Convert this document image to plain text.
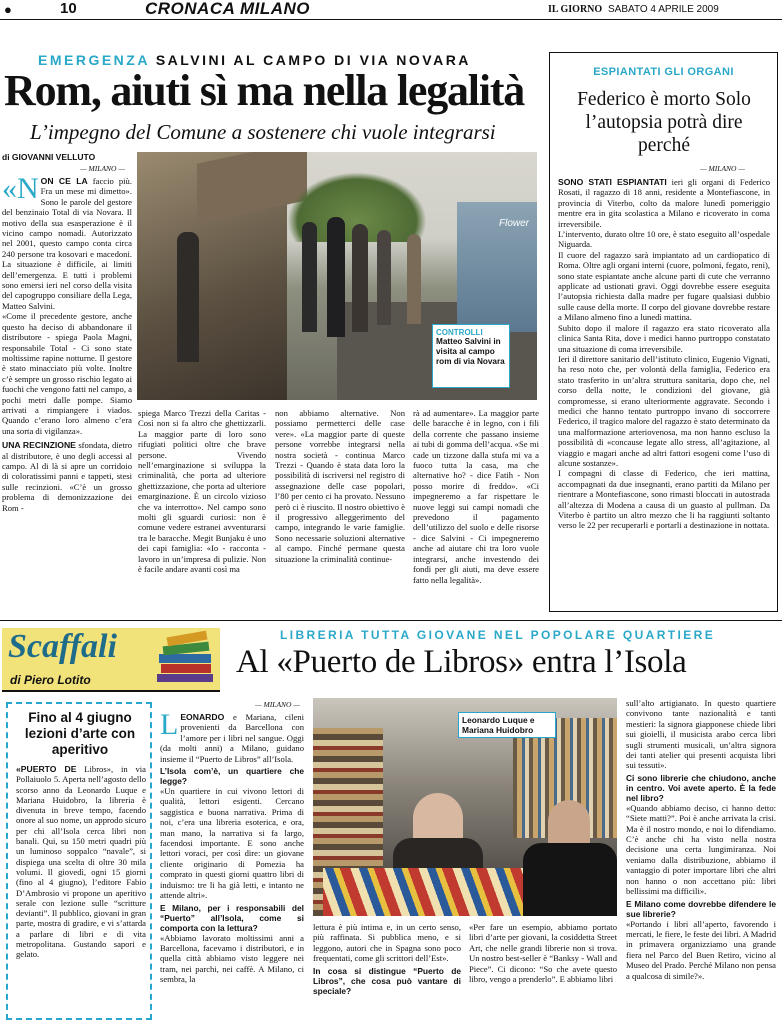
●	10	CRONACA MILANO	IL GIORNO SABATO 4 APRILE 2009
EMERGENZA SALVINI AL CAMPO DI VIA NOVARA
Rom, aiuti sì ma nella legalità
L’impegno del Comune a sostenere chi vuole integrarsi
di GIOVANNI VELLUTO
— MILANO —
Flower
CONTROLLI
Matteo Salvini in visita al campo rom di via Novara

«NON CE LA faccio più. Fra un mese mi dimetto». Sono le parole del gestore del benzinaio Total di via Novara. Il motivo della sua esasperazione è il vicino campo nomadi. Autorizzato nel 2001, questo campo conta circa 240 persone tra kosovari e macedoni. La situazione è difficile, ai limiti dell’emergenza. E tutti i problemi sono emersi ieri nel corso della visita del capogruppo consiliare della Lega, Matteo Salvini.

«Come il precedente gestore, anche questo ha deciso di abbandonare il distributore - spiega Paola Magni, responsabile Total - Ci sono state moltissime rapine notturne. Il gestore è stato minacciato più volte. Inoltre c’è sempre un grosso rischio legato ai fuochi che vengono fatti nel campo, a pochi metri dalle pompe. Siamo arrivati a rimpiangere i viados. Quando c’erano loro almeno c’era una sorta di vigilanza».

UNA RECINZIONE sfondata, dietro al distributore, è uno degli accessi al campo. Al di là si apre un corridoio di coloratissimi panni e tappeti, stesi sulle recinzioni. «C’è un grosso problema di demonizzazione dei Rom -

spiega Marco Trezzi della Caritas - Così non si fa altro che ghettizzarli. La maggior parte di loro sono rifugiati politici oltre che brave persone. Vivendo nell’emarginazione si sviluppa la criminalità, che porta ad ulteriore ghettizzazione, che porta ad ulteriore emarginazione. È un circolo vizioso che va interrotto». Nel campo sono molti gli sguardi curiosi: non è comune vedere estranei avventurarsi tra le baracche. Megit Bunjaku è uno dei capi famiglia: «Io - racconta - lavoro in un’impresa di pulizie. Non è facile andare avanti così ma
non abbiamo alternative. Non possiamo permetterci delle case vere». «La maggior parte di queste persone vorrebbe integrarsi nella nostra società - continua Marco Trezzi - Quando è stata data loro la possibilità di iscriversi nel registro di assegnazione delle case popolari, l’80 per cento ci ha provato. Nessuno però ci è riuscito. Il nostro obiettivo è il progressivo alleggerimento del campo, integrando le varie famiglie. Sono necessarie soluzioni alternative al campo. Finché permane questa situazione la criminalità continue-
rà ad aumentare». La maggior parte delle baracche è in legno, con i fili della corrente che passano insieme ai tubi di gomma dell’acqua. «Se mi cade un tizzone dalla stufa mi va a fuoco tutta la casa, ma che alternative ho? - dice Fatih - Non posso morire di freddo». «Ci impegneremo a far rispettare le nuove leggi sui campi nomadi che prevedono il pagamento dell’utilizzo del suolo e delle risorse - dice Salvini - Ci impegneremo anche ad aiutare chi tra loro vuole integrarsi, anche investendo dei fondi per gli aiuti, ma deve essere fatto nella legalità».
ESPIANTATI GLI ORGANI
Federico è morto Solo l’autopsia potrà dire perché
— MILANO —

SONO STATI ESPIANTATI ieri gli organi di Federico Rosati, il ragazzo di 18 anni, residente a Montefiascone, in provincia di Viterbo, colto da malore lunedì pomeriggio mentre era in gita scolastica a Milano e ricoverato in coma irreversibile.

L’intervento, durato oltre 10 ore, è stato eseguito all’ospedale Niguarda.

Il cuore del ragazzo sarà impiantato ad un cardiopatico di Roma. Oltre agli organi interni (cuore, polmoni, fegato, reni), sono state espiantate anche alcune parti di cute che verranno applicate ad ustionati gravi. Oggi dovrebbe essere eseguita l’autopsia richiesta dalla madre per fugare qualsiasi dubbio sulle cause della morte. Il corpo del giovane dovrebbe restare a Milano almeno fino a lunedì mattina.

Subito dopo il malore il ragazzo era stato ricoverato alla clinica Santa Rita, dove i medici hanno purtroppo constatato una situazione di coma irreversibile.

Ieri il direttore sanitario dell’istituto clinico, Eugenio Vignati, ha reso noto che, per volontà della famiglia, Federico era stato trasferito in un’altra struttura sanitaria, dopo che, nel corso della notte, le condizioni del giovane, già compromesse, si erano ulteriormente aggravate. Secondo i medici che hanno tentato purtroppo invano di soccorrere Federico, il tragico malore del ragazzo è stato determinato da una malformazione arteriovenosa, ma non hanno escluso la possibilità di «concause legate allo stress, all’agitazione, al viaggio e magari anche ad altri fattori esogeni come l’uso di alcune sostanze».

I compagni di classe di Federico, che ieri mattina, accompagnati da due insegnanti, erano partiti da Milano per rientrare a Montefiascone, sono rimasti bloccati in autostrada all’altezza di Modena a causa di un guasto al pullman. Da Viterbo è partito un altro mezzo che li ha raggiunti soltanto verso le 22 per recuperarli e portarli a destinazione in nottata.

Scaffali
di Piero Lotito
LIBRERIA TUTTA GIOVANE NEL POPOLARE QUARTIERE
Al «Puerto de Libros» entra l’Isola
— MILANO —
Fino al 4 giugno lezioni d’arte con aperitivo

«PUERTO DE Libros», in via Pollaiuolo 5. Aperta nell’agosto dello scorso anno da Leonardo Luque e Mariana Huidobro, la libreria è divenuta in breve tempo, facendo onore al suo nome, un approdo sicuro per chi all’Isola cerca libri non banali. Qui, su 150 metri quadri più un luminoso soppalco “navale”, si dispiega una scelta di oltre 30 mila volumi. Il giovedì, ogni 15 giorni (fino al 4 giugno), l’editore Fabio D’Ambrosio vi propone un aperitivo serale con lezione sulle “scritture devianti”. Il pubblico, giovani in gran parte, mostra di gradire, e vi s’attarda a parlare di libri e di vita metropolitana. Gustando sapori e gelato.

Leonardo Luque e Mariana Huidobro

LEONARDO e Mariana, cileni provenienti da Barcellona con l’amore per i libri nel sangue. Oggi (da molti anni) a Milano, guidano insieme il “Puerto de Libros” all’Isola.

L’Isola com’è, un quartiere che legge?

«Un quartiere in cui vivono lettori di qualità, lettori esigenti. Cercano saggistica e buona narrativa. Prima di noi, c’era una libreria esoterica, e ora, man mano, la narrativa si fa largo, facendosi importante. E sono anche lettori voraci, per così dire: un giovane cliente originario di Pomezia ha comprato in questi giorni quattro libri di induismo: tre li ha già letti, e intanto ne attende altri».

E Milano, per i responsabili del “Puerto” all’Isola, come si comporta con la lettura?

«Abbiamo lavorato moltissimi anni a Barcellona, facevamo i distributori, e in quella città abbiamo visto leggere nei tram, nei parchi, nei caffè. A Milano, ci sembra, la

lettura è più intima e, in un certo senso, più raffinata. Si pubblica meno, e si leggono, autori che in Spagna sono poco frequentati, come gli scrittori dell’Est».

In cosa si distingue “Puerto de Libros”, che cosa può vantare di speciale?
«Per fare un esempio, abbiamo portato libri d’arte per giovani, la cosiddetta Street Art, che nelle grandi librerie non si trova. Un nostro best-seller è “Banksy - Wall and Piece”. Ci dicono: “So che avete questo libro, vengo a prenderlo”. E abbiamo libri

sull’alto artigianato. In questo quartiere convivono tante nazionalità e tanti mestieri: la signora giapponese chiede libri sui gioielli, il musicista arabo cerca libri sugli strumenti musicali, un’altra signora dei tanti atelier qui presenti acquista libri sui tessuti».

Ci sono librerie che chiudono, anche in centro. Voi avete aperto. È la fede nel libro?

«Quando abbiamo deciso, ci hanno detto: “Siete matti?”. Poi è anche arrivata la crisi. Ma è il nostro mondo, e noi lo difendiamo. C’è anche chi ha visto nella nostra decisione una certa lungimiranza. Noi veniamo dalla distribuzione, abbiamo il vantaggio di poter importare libri che altri non hanno o non accettano più: libri bellissimi ma difficili».

E Milano come dovrebbe difendere le sue librerie?

«Portando i libri all’aperto, favorendo i mercati, le fiere, le feste dei libri. A Madrid in primavera organizziamo una grande fiera nel Parco del Buen Retiro, vicino al Museo del Prado. Perché Milano non pensa a qualcosa di simile?».
